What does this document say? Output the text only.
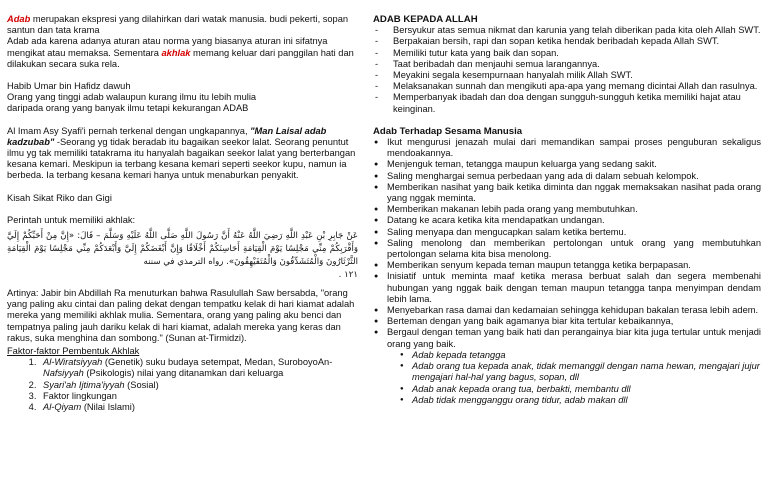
Adab merupakan ekspresi yang dilahirkan dari watak manusia. budi pekerti, sopan santun dan tata krama

Adab ada karena adanya aturan atau norma yang biasanya aturan ini sifatnya mengikat atau memaksa. Sementara akhlak memang keluar dari panggilan hati dan dilakukan secara suka rela.

Habib Umar bin Hafidz dawuh

Orang yang tinggi adab walaupun kurang ilmu itu lebih mulia

daripada orang yang banyak ilmu tetapi kekurangan ADAB

Al Imam Asy Syafi'i pernah terkenal dengan ungkapannya, "Man Laisal adab kadzubab" -Seorang yg tidak beradab itu bagaikan seekor lalat. Seorang penuntut ilmu yg tak memiliki tatakrama itu hanyalah bagaikan seekor lalat yang berterbangan kesana kemari. Meskipun ia terbang kesana kemari seperti seekor kupu, namun ia berbeda. Ia terbang kesana kemari hanya untuk menaburkan penyakit.

Kisah Sikat Riko dan Gigi

Perintah untuk memiliki akhlak:

عَنْ جَابِرِ بْنِ عَبْدِ اللَّهِ رَضِيَ اللَّهُ عَنْهُ أَنَّ رَسُولَ اللَّهِ صَلَّى اللَّهُ عَلَيْهِ وَسَلَّمَ – قَالَ: «إِنَّ مِنْ أَحَبِّكُمْ إِلَيَّ وَأَقْرَبِكُمْ مِنِّي مَجْلِسًا يَوْمَ الْقِيَامَةِ أَحَاسِنَكُمْ أَخْلَاقًا وَإِنَّ أَبْغَضَكُمْ إِلَيَّ وَأَبْعَدَكُمْ مِنِّي مَجْلِسًا يَوْمَ الْقِيَامَةِ الثَّرْثَارُونَ وَالْمُتَشَدِّقُونَ وَالْمُتَفَيْهِقُونَ». رواه الترمذي في سننه
١٢١ .

Artinya: Jabir bin Abdillah Ra menuturkan bahwa Rasulullah Saw bersabda, "orang yang paling aku cintai dan paling dekat dengan tempatku kelak di hari kiamat adalah mereka yang memiliki akhlak mulia. Sementara, orang yang paling aku benci dan tempatnya paling jauh dariku kelak di hari kiamat, adalah mereka yang keras dan rakus, suka menghina dan sombong." (Sunan at-Tirmidzi).

Faktor-faktor Pembentuk Akhlak

1. Al-Wiratsiyyah (Genetik) suku budaya setempat, Medan, SuroboyoAn-
Nafsiyyah (Psikologis) nilai yang ditanamkan dari keluarga
2. Syari'ah Ijtima'iyyah (Sosial)
3. Faktor lingkungan
4. Al-Qiyam (Nilai Islami)

ADAB KEPADA ALLAH

- Bersyukur atas semua nikmat dan karunia yang telah diberikan pada kita oleh Allah SWT.
- Berpakaian bersih, rapi dan sopan ketika hendak beribadah kepada Allah SWT.
- Memiliki tutur kata yang baik dan sopan.
- Taat beribadah dan menjauhi semua larangannya.
- Meyakini segala kesempurnaan hanyalah milik Allah SWT.
- Melaksanakan sunnah dan mengikuti apa-apa yang memang dicintai Allah dan rasulnya.
- Memperbanyak ibadah dan doa dengan sungguh-sungguh ketika memiliki hajat atau keinginan.

Adab Terhadap Sesama Manusia

● Ikut mengurusi jenazah mulai dari memandikan sampai proses penguburan sekaligus mendoakannya.
● Menjenguk teman, tetangga maupun keluarga yang sedang sakit.
● Saling menghargai semua perbedaan yang ada di dalam sebuah kelompok.
● Memberikan nasihat yang baik ketika diminta dan nggak memaksakan nasihat pada orang yang nggak meminta.
● Memberikan makanan lebih pada orang yang membutuhkan.
● Datang ke acara ketika kita mendapatkan undangan.
● Saling menyapa dan mengucapkan salam ketika bertemu.
● Saling menolong dan memberikan pertolongan untuk orang yang membutuhkan pertolongan selama kita bisa menolong.
● Memberikan senyum kepada teman maupun tetangga ketika berpapasan.
● Inisiatif untuk meminta maaf ketika merasa berbuat salah dan segera membenahi hubungan yang nggak baik dengan teman maupun tetangga tanpa menyimpan dendam lebih lama.
● Menyebarkan rasa damai dan kedamaian sehingga kehidupan bakalan terasa lebih adem.
● Berteman dengan yang baik agamanya biar kita tertular kebaikannya,
● Bergaul dengan teman yang baik hati dan perangainya biar kita juga tertular untuk menjadi orang yang baik.
● Adab kepada tetangga
● Adab orang tua kepada anak, tidak memanggil dengan nama hewan, mengajari jujur mengajari hal-hal yang bagus, sopan, dll
● Adab anak kepada orang tua, berbakti, membantu dll
● Adab tidak mengganggu orang tidur, adab makan dll
